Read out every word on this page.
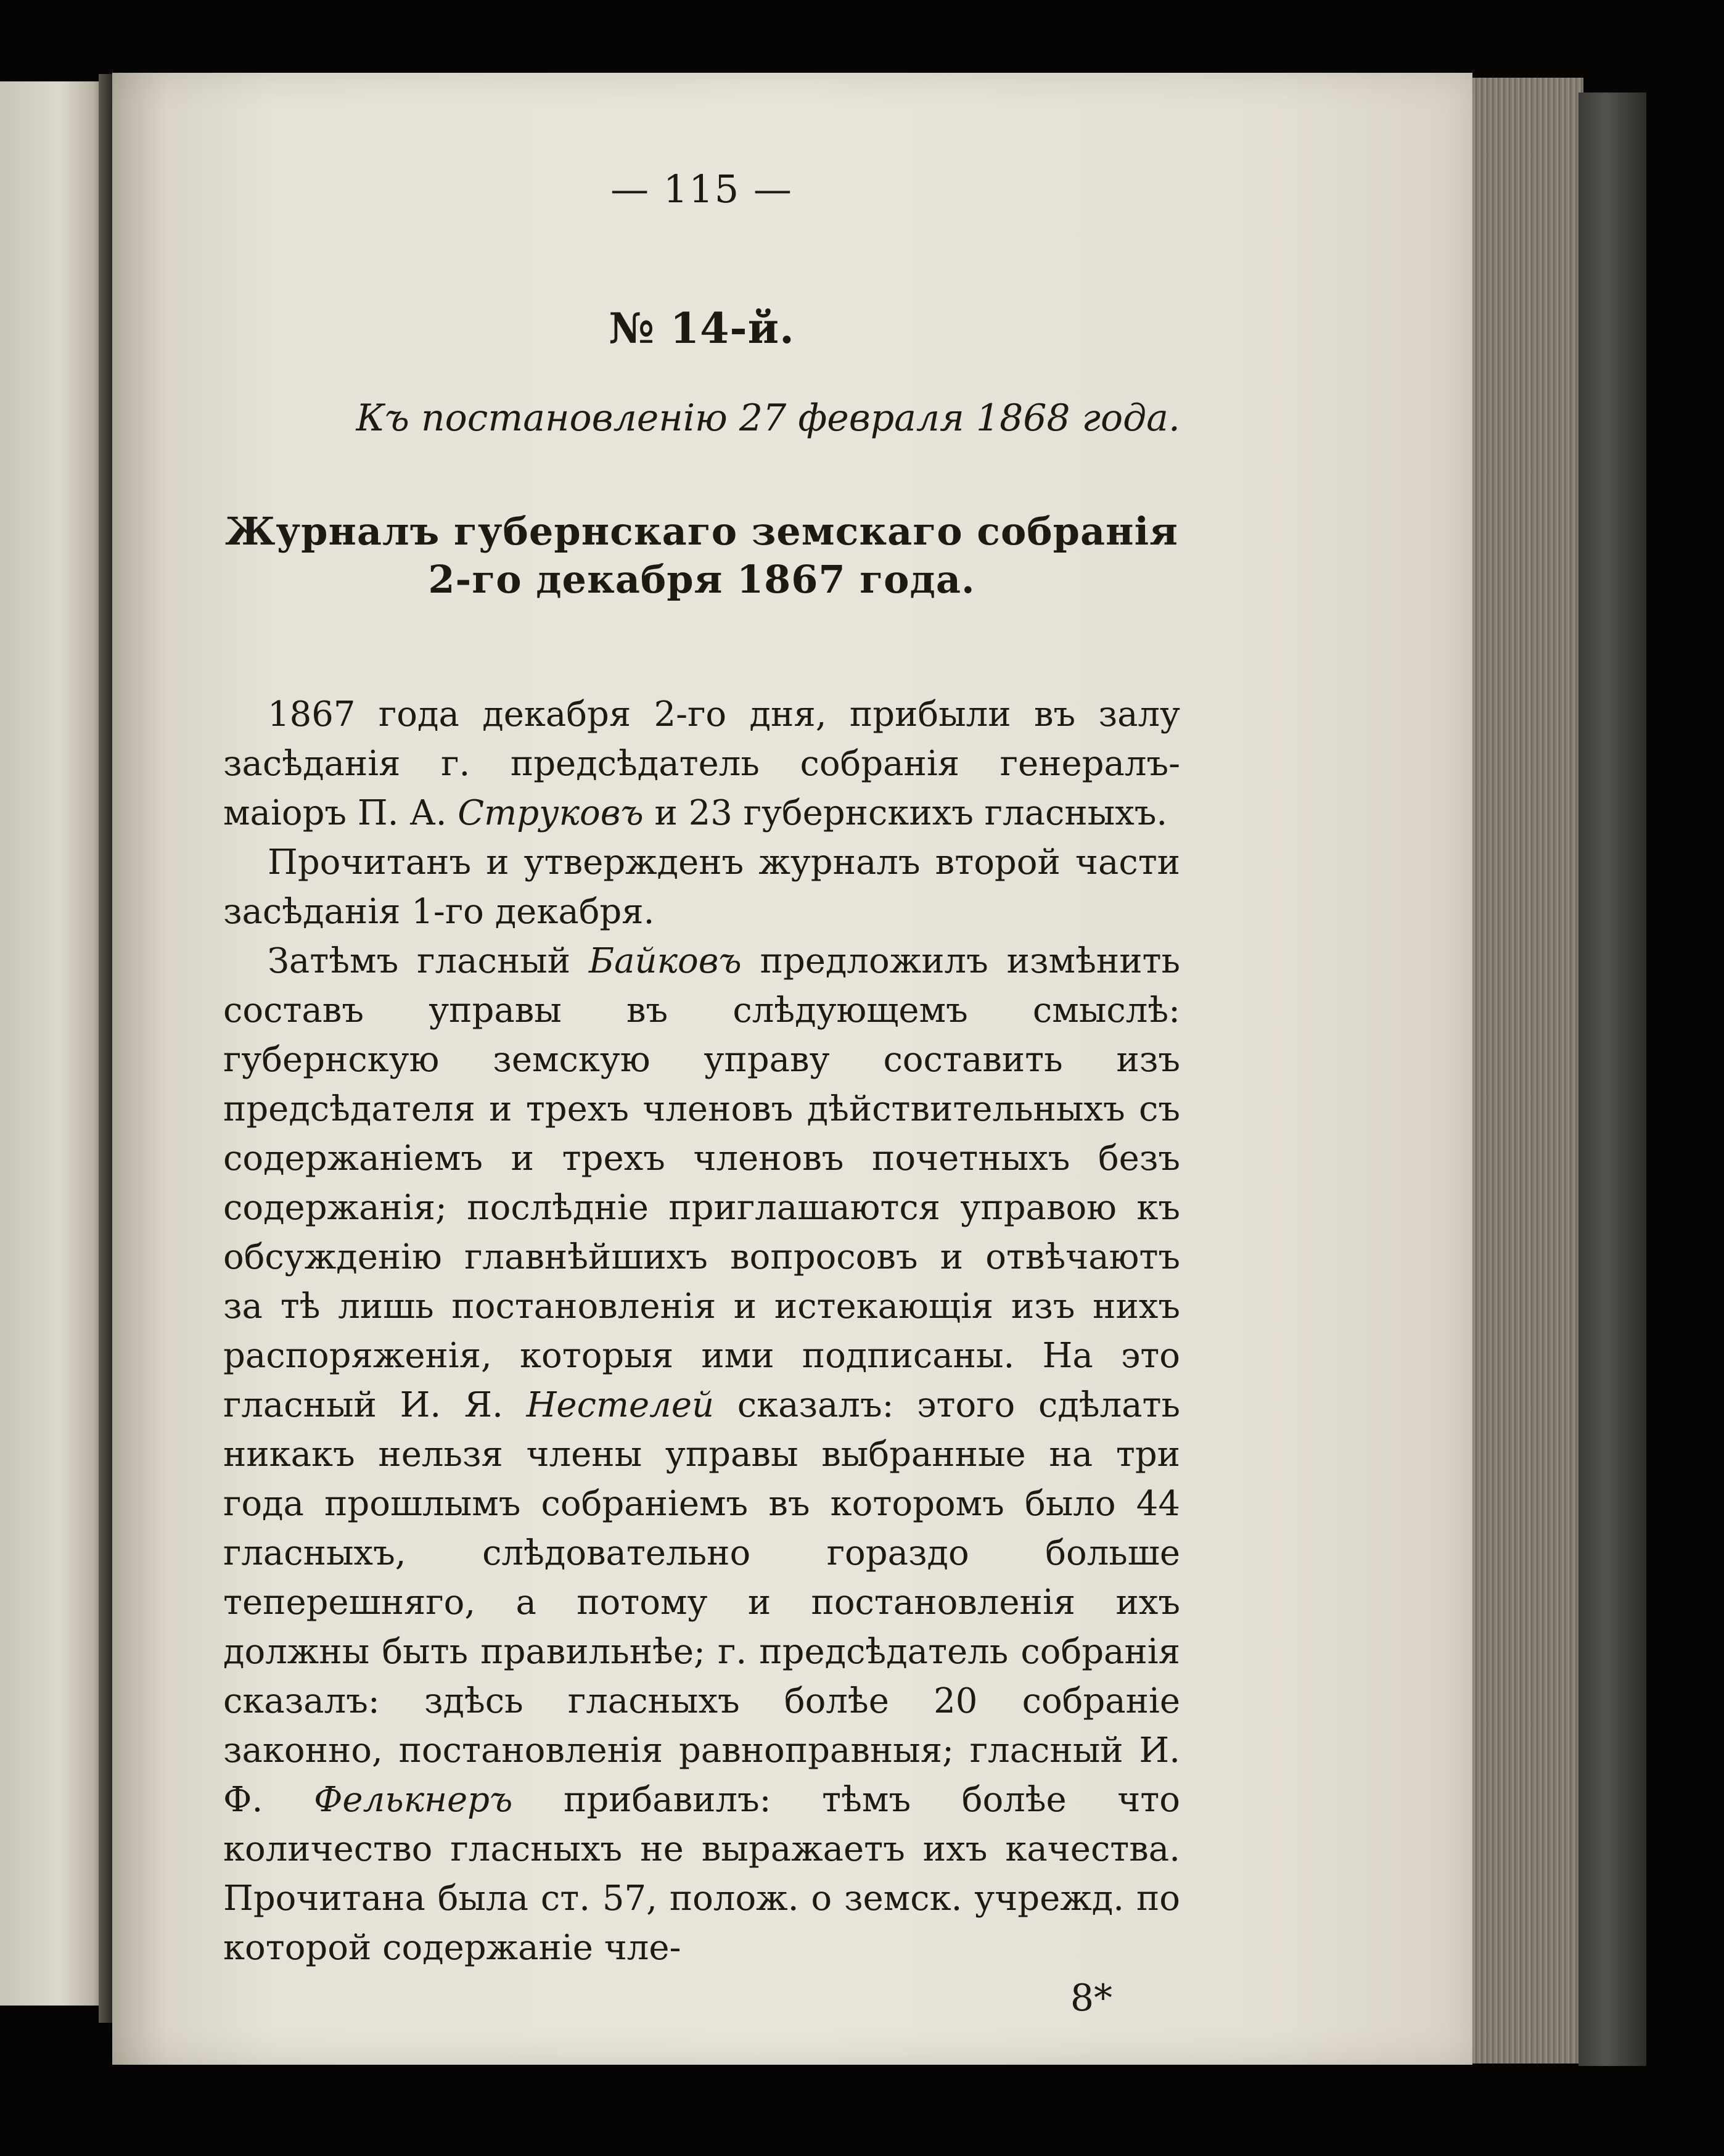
— 115 —
№ 14-й.
Къ постановленію 27 февраля 1868 года.
Журналъ губернскаго земскаго собранія
2-го декабря 1867 года.

1867 года декабря 2-го дня, прибыли въ залу засѣданія г. предсѣдатель собранія генералъ-маіоръ П. А. Струковъ и 23 губернскихъ гласныхъ.

Прочитанъ и утвержденъ журналъ второй части засѣданія 1-го декабря.

Затѣмъ гласный Байковъ предложилъ измѣнить составъ управы въ слѣдующемъ смыслѣ: губернскую земскую управу составить изъ предсѣдателя и трехъ членовъ дѣйствительныхъ съ содержаніемъ и трехъ членовъ почетныхъ безъ содержанія; послѣдніе приглашаются управою къ обсужденію главнѣйшихъ вопросовъ и отвѣчаютъ за тѣ лишь постановленія и истекающія изъ нихъ распоряженія, которыя ими подписаны. На это гласный И. Я. Нестелей сказалъ: этого сдѣлать никакъ нельзя члены управы выбранные на три года прошлымъ собраніемъ въ которомъ было 44 гласныхъ, слѣдовательно гораздо больше теперешняго, а потому и постановленія ихъ должны быть правильнѣе; г. предсѣдатель собранія сказалъ: здѣсь гласныхъ болѣе 20 собраніе законно, постановленія равноправныя; гласный И. Ф. Фелькнеръ прибавилъ: тѣмъ болѣе что количество гласныхъ не выражаетъ ихъ качества. Прочитана была ст. 57, полож. о земск. учрежд. по которой содержаніе чле-

8*
